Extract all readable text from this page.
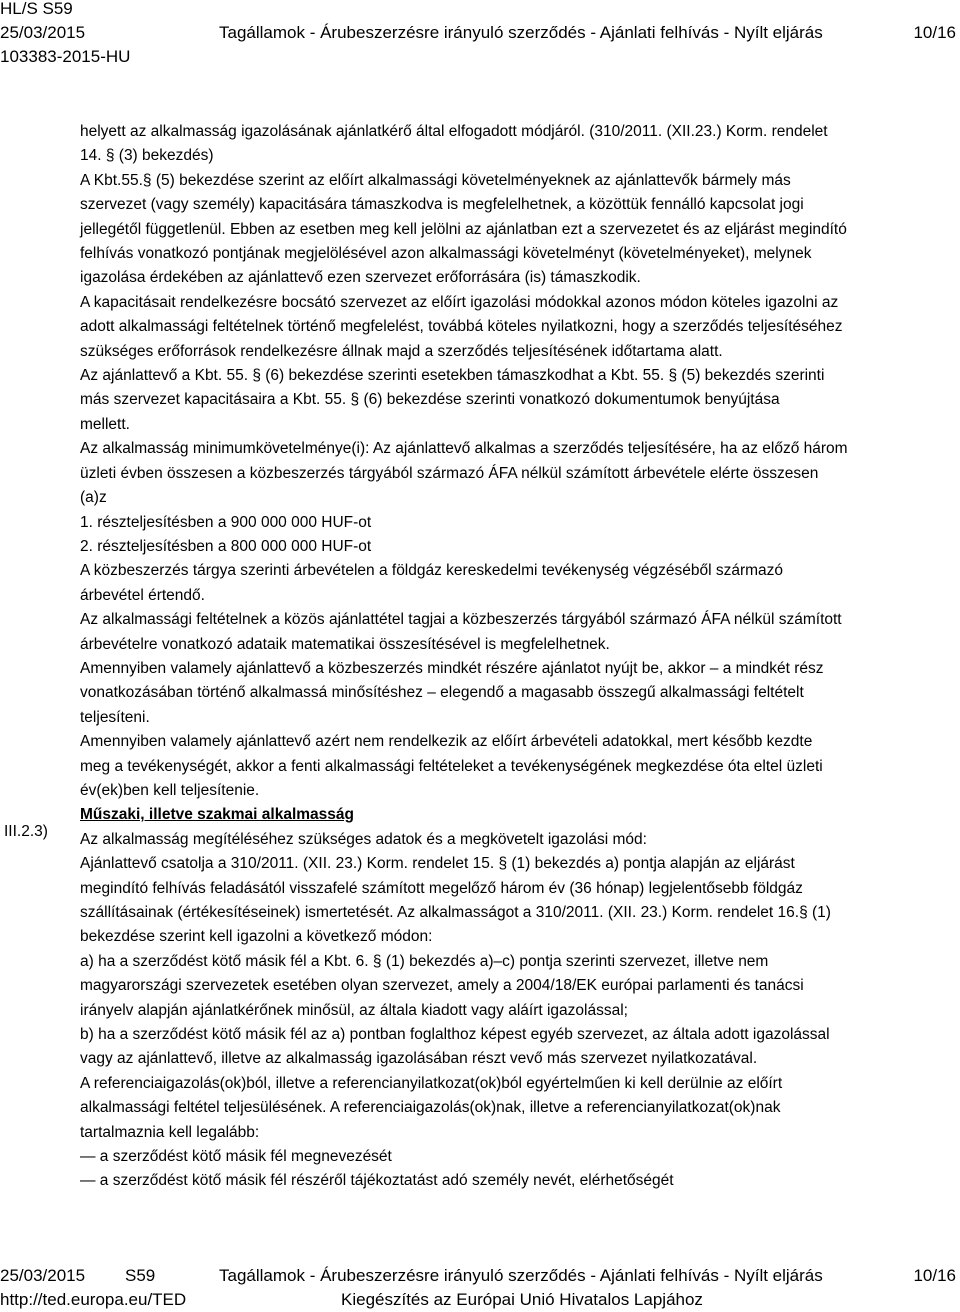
HL/S S59
25/03/2015	Tagállamok - Árubeszerzésre irányuló szerződés - Ajánlati felhívás - Nyílt eljárás	10/16
103383-2015-HU
III.2.3)

helyett az alkalmasság igazolásának ajánlatkérő által elfogadott módjáról. (310/2011. (XII.23.) Korm. rendelet

14. § (3) bekezdés)

A Kbt.55.§ (5) bekezdése szerint az előírt alkalmassági követelményeknek az ajánlattevők bármely más

szervezet (vagy személy) kapacitására támaszkodva is megfelelhetnek, a közöttük fennálló kapcsolat jogi

jellegétől függetlenül. Ebben az esetben meg kell jelölni az ajánlatban ezt a szervezetet és az eljárást megindító

felhívás vonatkozó pontjának megjelölésével azon alkalmassági követelményt (követelményeket), melynek

igazolása érdekében az ajánlattevő ezen szervezet erőforrására (is) támaszkodik.

A kapacitásait rendelkezésre bocsátó szervezet az előírt igazolási módokkal azonos módon köteles igazolni az

adott alkalmassági feltételnek történő megfelelést, továbbá köteles nyilatkozni, hogy a szerződés teljesítéséhez

szükséges erőforrások rendelkezésre állnak majd a szerződés teljesítésének időtartama alatt.

Az ajánlattevő a Kbt. 55. § (6) bekezdése szerinti esetekben támaszkodhat a Kbt. 55. § (5) bekezdés szerinti

más szervezet kapacitásaira a Kbt. 55. § (6) bekezdése szerinti vonatkozó dokumentumok benyújtása

mellett.

Az alkalmasság minimumkövetelménye(i): Az ajánlattevő alkalmas a szerződés teljesítésére, ha az előző három

üzleti évben összesen a közbeszerzés tárgyából származó ÁFA nélkül számított árbevétele elérte összesen

(a)z

1. részteljesítésben a 900 000 000 HUF-ot

2. részteljesítésben a 800 000 000 HUF-ot

A közbeszerzés tárgya szerinti árbevételen a földgáz kereskedelmi tevékenység végzéséből származó

árbevétel értendő.

Az alkalmassági feltételnek a közös ajánlattétel tagjai a közbeszerzés tárgyából származó ÁFA nélkül számított

árbevételre vonatkozó adataik matematikai összesítésével is megfelelhetnek.

Amennyiben valamely ajánlattevő a közbeszerzés mindkét részére ajánlatot nyújt be, akkor – a mindkét rész

vonatkozásában történő alkalmassá minősítéshez – elegendő a magasabb összegű alkalmassági feltételt

teljesíteni.

Amennyiben valamely ajánlattevő azért nem rendelkezik az előírt árbevételi adatokkal, mert később kezdte

meg a tevékenységét, akkor a fenti alkalmassági feltételeket a tevékenységének megkezdése óta eltel üzleti

év(ek)ben kell teljesítenie.

Műszaki, illetve szakmai alkalmasság

Az alkalmasság megítéléséhez szükséges adatok és a megkövetelt igazolási mód:

Ajánlattevő csatolja a 310/2011. (XII. 23.) Korm. rendelet 15. § (1) bekezdés a) pontja alapján az eljárást

megindító felhívás feladásától visszafelé számított megelőző három év (36 hónap) legjelentősebb földgáz

szállításainak (értékesítéseinek) ismertetését. Az alkalmasságot a 310/2011. (XII. 23.) Korm. rendelet 16.§ (1)

bekezdése szerint kell igazolni a következő módon:

a) ha a szerződést kötő másik fél a Kbt. 6. § (1) bekezdés a)–c) pontja szerinti szervezet, illetve nem

magyarországi szervezetek esetében olyan szervezet, amely a 2004/18/EK európai parlamenti és tanácsi

irányelv alapján ajánlatkérőnek minősül, az általa kiadott vagy aláírt igazolással;

b) ha a szerződést kötő másik fél az a) pontban foglalthoz képest egyéb szervezet, az általa adott igazolással

vagy az ajánlattevő, illetve az alkalmasság igazolásában részt vevő más szervezet nyilatkozatával.

A referenciaigazolás(ok)ból, illetve a referencianyilatkozat(ok)ból egyértelműen ki kell derülnie az előírt

alkalmassági feltétel teljesülésének. A referenciaigazolás(ok)nak, illetve a referencianyilatkozat(ok)nak

tartalmaznia kell legalább:

— a szerződést kötő másik fél megnevezését

— a szerződést kötő másik fél részéről tájékoztatást adó személy nevét, elérhetőségét

25/03/2015 S59	Tagállamok - Árubeszerzésre irányuló szerződés - Ajánlati felhívás - Nyílt eljárás	10/16
http://ted.europa.eu/TED	Kiegészítés az Európai Unió Hivatalos Lapjához
